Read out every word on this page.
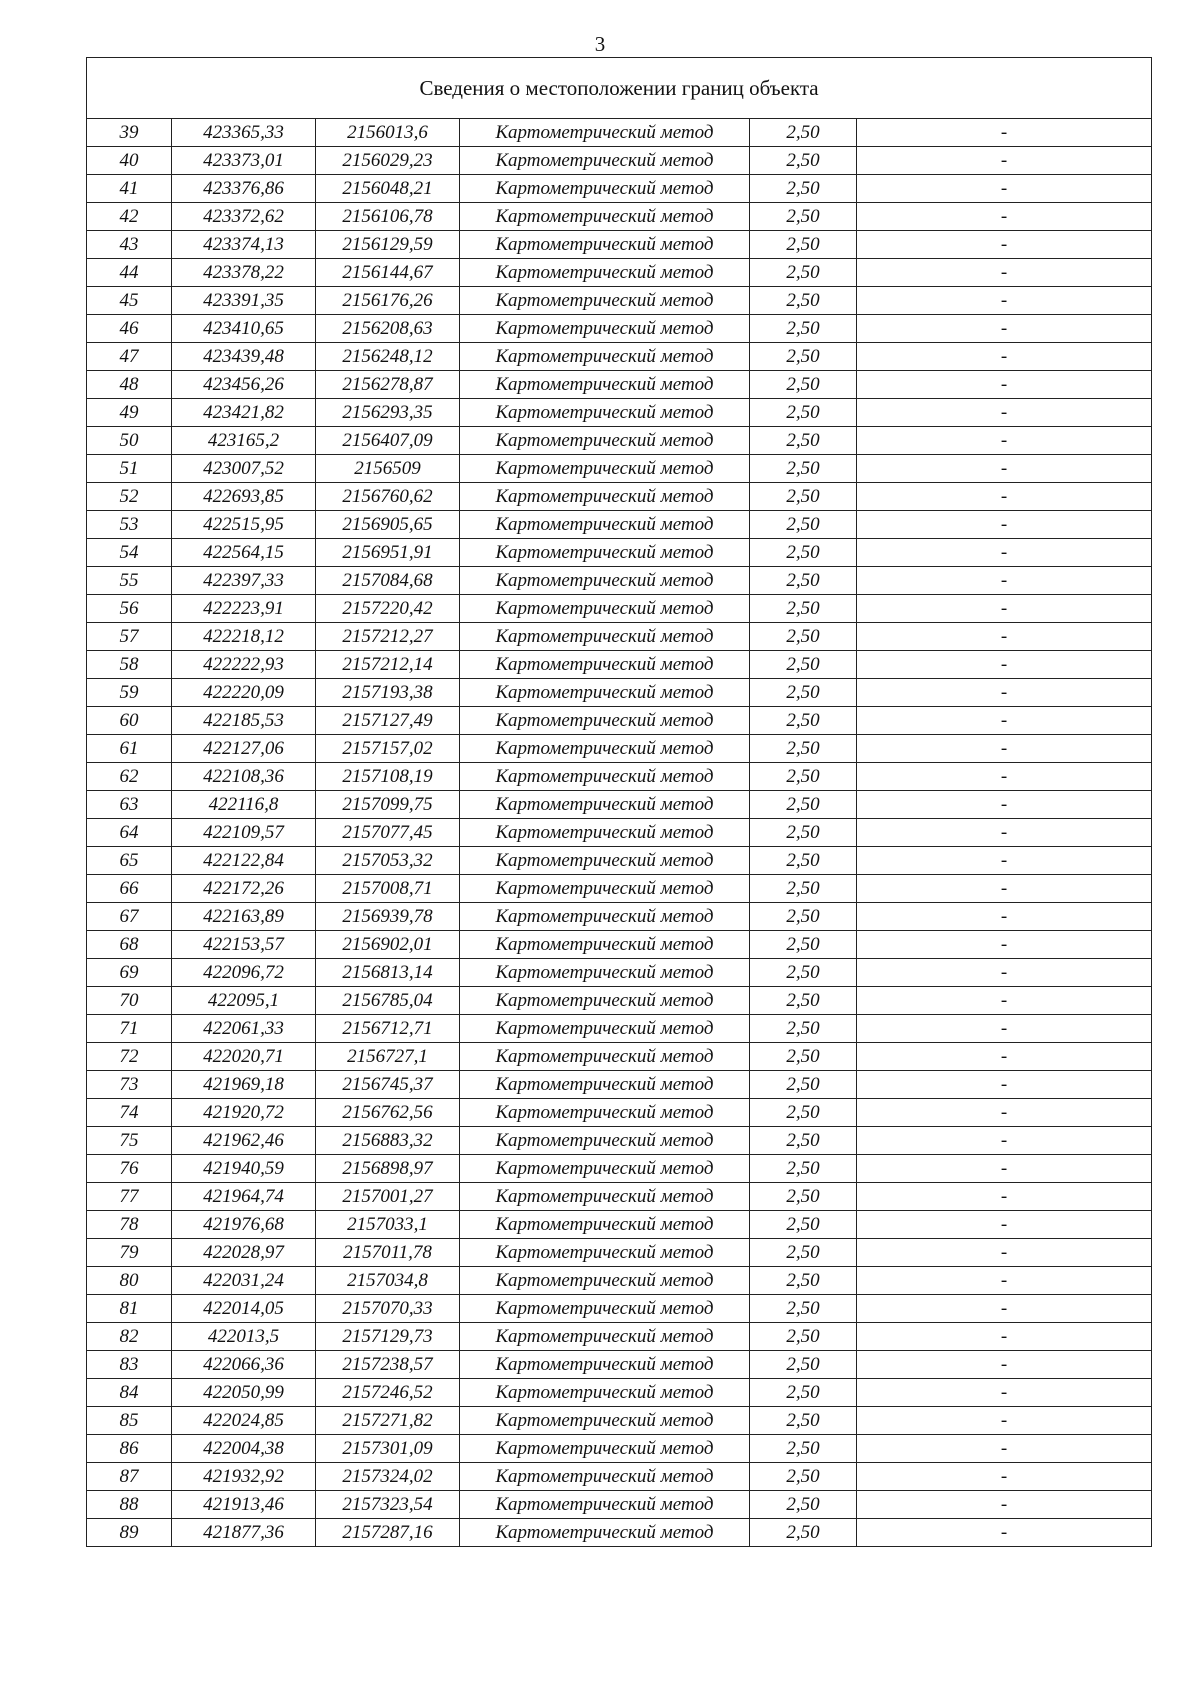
3
Сведения о местоположении границ объекта					
39	423365,33	2156013,6	Картометрический метод	2,50	-
40	423373,01	2156029,23	Картометрический метод	2,50	-
41	423376,86	2156048,21	Картометрический метод	2,50	-
42	423372,62	2156106,78	Картометрический метод	2,50	-
43	423374,13	2156129,59	Картометрический метод	2,50	-
44	423378,22	2156144,67	Картометрический метод	2,50	-
45	423391,35	2156176,26	Картометрический метод	2,50	-
46	423410,65	2156208,63	Картометрический метод	2,50	-
47	423439,48	2156248,12	Картометрический метод	2,50	-
48	423456,26	2156278,87	Картометрический метод	2,50	-
49	423421,82	2156293,35	Картометрический метод	2,50	-
50	423165,2	2156407,09	Картометрический метод	2,50	-
51	423007,52	2156509	Картометрический метод	2,50	-
52	422693,85	2156760,62	Картометрический метод	2,50	-
53	422515,95	2156905,65	Картометрический метод	2,50	-
54	422564,15	2156951,91	Картометрический метод	2,50	-
55	422397,33	2157084,68	Картометрический метод	2,50	-
56	422223,91	2157220,42	Картометрический метод	2,50	-
57	422218,12	2157212,27	Картометрический метод	2,50	-
58	422222,93	2157212,14	Картометрический метод	2,50	-
59	422220,09	2157193,38	Картометрический метод	2,50	-
60	422185,53	2157127,49	Картометрический метод	2,50	-
61	422127,06	2157157,02	Картометрический метод	2,50	-
62	422108,36	2157108,19	Картометрический метод	2,50	-
63	422116,8	2157099,75	Картометрический метод	2,50	-
64	422109,57	2157077,45	Картометрический метод	2,50	-
65	422122,84	2157053,32	Картометрический метод	2,50	-
66	422172,26	2157008,71	Картометрический метод	2,50	-
67	422163,89	2156939,78	Картометрический метод	2,50	-
68	422153,57	2156902,01	Картометрический метод	2,50	-
69	422096,72	2156813,14	Картометрический метод	2,50	-
70	422095,1	2156785,04	Картометрический метод	2,50	-
71	422061,33	2156712,71	Картометрический метод	2,50	-
72	422020,71	2156727,1	Картометрический метод	2,50	-
73	421969,18	2156745,37	Картометрический метод	2,50	-
74	421920,72	2156762,56	Картометрический метод	2,50	-
75	421962,46	2156883,32	Картометрический метод	2,50	-
76	421940,59	2156898,97	Картометрический метод	2,50	-
77	421964,74	2157001,27	Картометрический метод	2,50	-
78	421976,68	2157033,1	Картометрический метод	2,50	-
79	422028,97	2157011,78	Картометрический метод	2,50	-
80	422031,24	2157034,8	Картометрический метод	2,50	-
81	422014,05	2157070,33	Картометрический метод	2,50	-
82	422013,5	2157129,73	Картометрический метод	2,50	-
83	422066,36	2157238,57	Картометрический метод	2,50	-
84	422050,99	2157246,52	Картометрический метод	2,50	-
85	422024,85	2157271,82	Картометрический метод	2,50	-
86	422004,38	2157301,09	Картометрический метод	2,50	-
87	421932,92	2157324,02	Картометрический метод	2,50	-
88	421913,46	2157323,54	Картометрический метод	2,50	-
89	421877,36	2157287,16	Картометрический метод	2,50	-
